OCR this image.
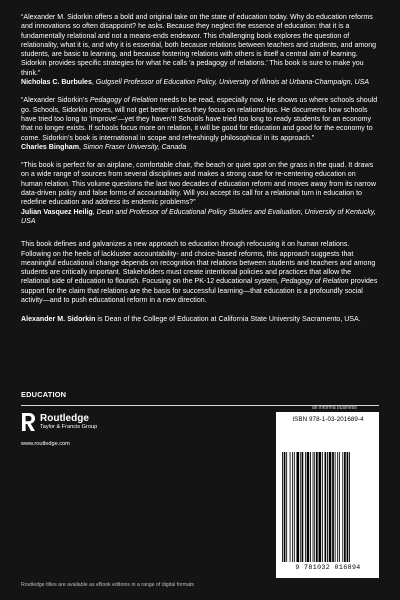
“Alexander M. Sidorkin offers a bold and original take on the state of education today. Why do education reforms and innovations so often disappoint? he asks. Because they neglect the essence of education: that it is a fundamentally relational and not a means-ends endeavor. This challenging book explores the question of relationality, what it is, and why it is essential, both because relations between teachers and students, and among students, are basic to learning, and because fostering relations with others is itself a central aim of learning. Sidorkin provides specific strategies for what he calls ‘a pedagogy of relations.’ This book is sure to make you think.”

Nicholas C. Burbules, Gutgsell Professor of Education Policy, University of Illinois at Urbana-Champaign, USA

“Alexander Sidorkin’s Pedagogy of Relation needs to be read, especially now. He shows us where schools should go. Schools, Sidorkin proves, will not get better unless they focus on relationships. He documents how schools have tried too long to ‘improve’—yet they haven’t! Schools have tried too long to ready students for an economy that no longer exists. If schools focus more on relation, it will be good for education and good for the economy to come. Sidorkin’s book is international in scope and refreshingly philosophical in its approach.”

Charles Bingham, Simon Fraser University, Canada

“This book is perfect for an airplane, comfortable chair, the beach or quiet spot on the grass in the quad. It draws on a wide range of sources from several disciplines and makes a strong case for re-centering education on human relation. This volume questions the last two decades of education reform and moves away from its narrow data-driven policy and false forms of accountability. Will you accept its call for a relational turn in education to redefine education and address its endemic problems?”

Julian Vasquez Heilig, Dean and Professor of Educational Policy Studies and Evaluation, University of Kentucky, USA

This book defines and galvanizes a new approach to education through refocusing it on human relations. Following on the heels of lackluster accountability- and choice-based reforms, this approach suggests that meaningful educational change depends on recognition that relations between students and teachers and among students are critically important. Stakeholders must create intentional policies and practices that allow the relational side of education to flourish. Focusing on the PK-12 educational system, Pedagogy of Relation provides support for the claim that relations are the basis for successful learning—that education is a profoundly social activity—and to push educational reform in a new direction.

Alexander M. Sidorkin is Dean of the College of Education at California State University Sacramento, USA.

EDUCATION
an informa business
Routledge
Taylor & Francis Group
www.routledge.com
Routledge titles are available as eBook editions in a range of digital formats
ISBN 978-1-03-201689-4
9 781032 016894
